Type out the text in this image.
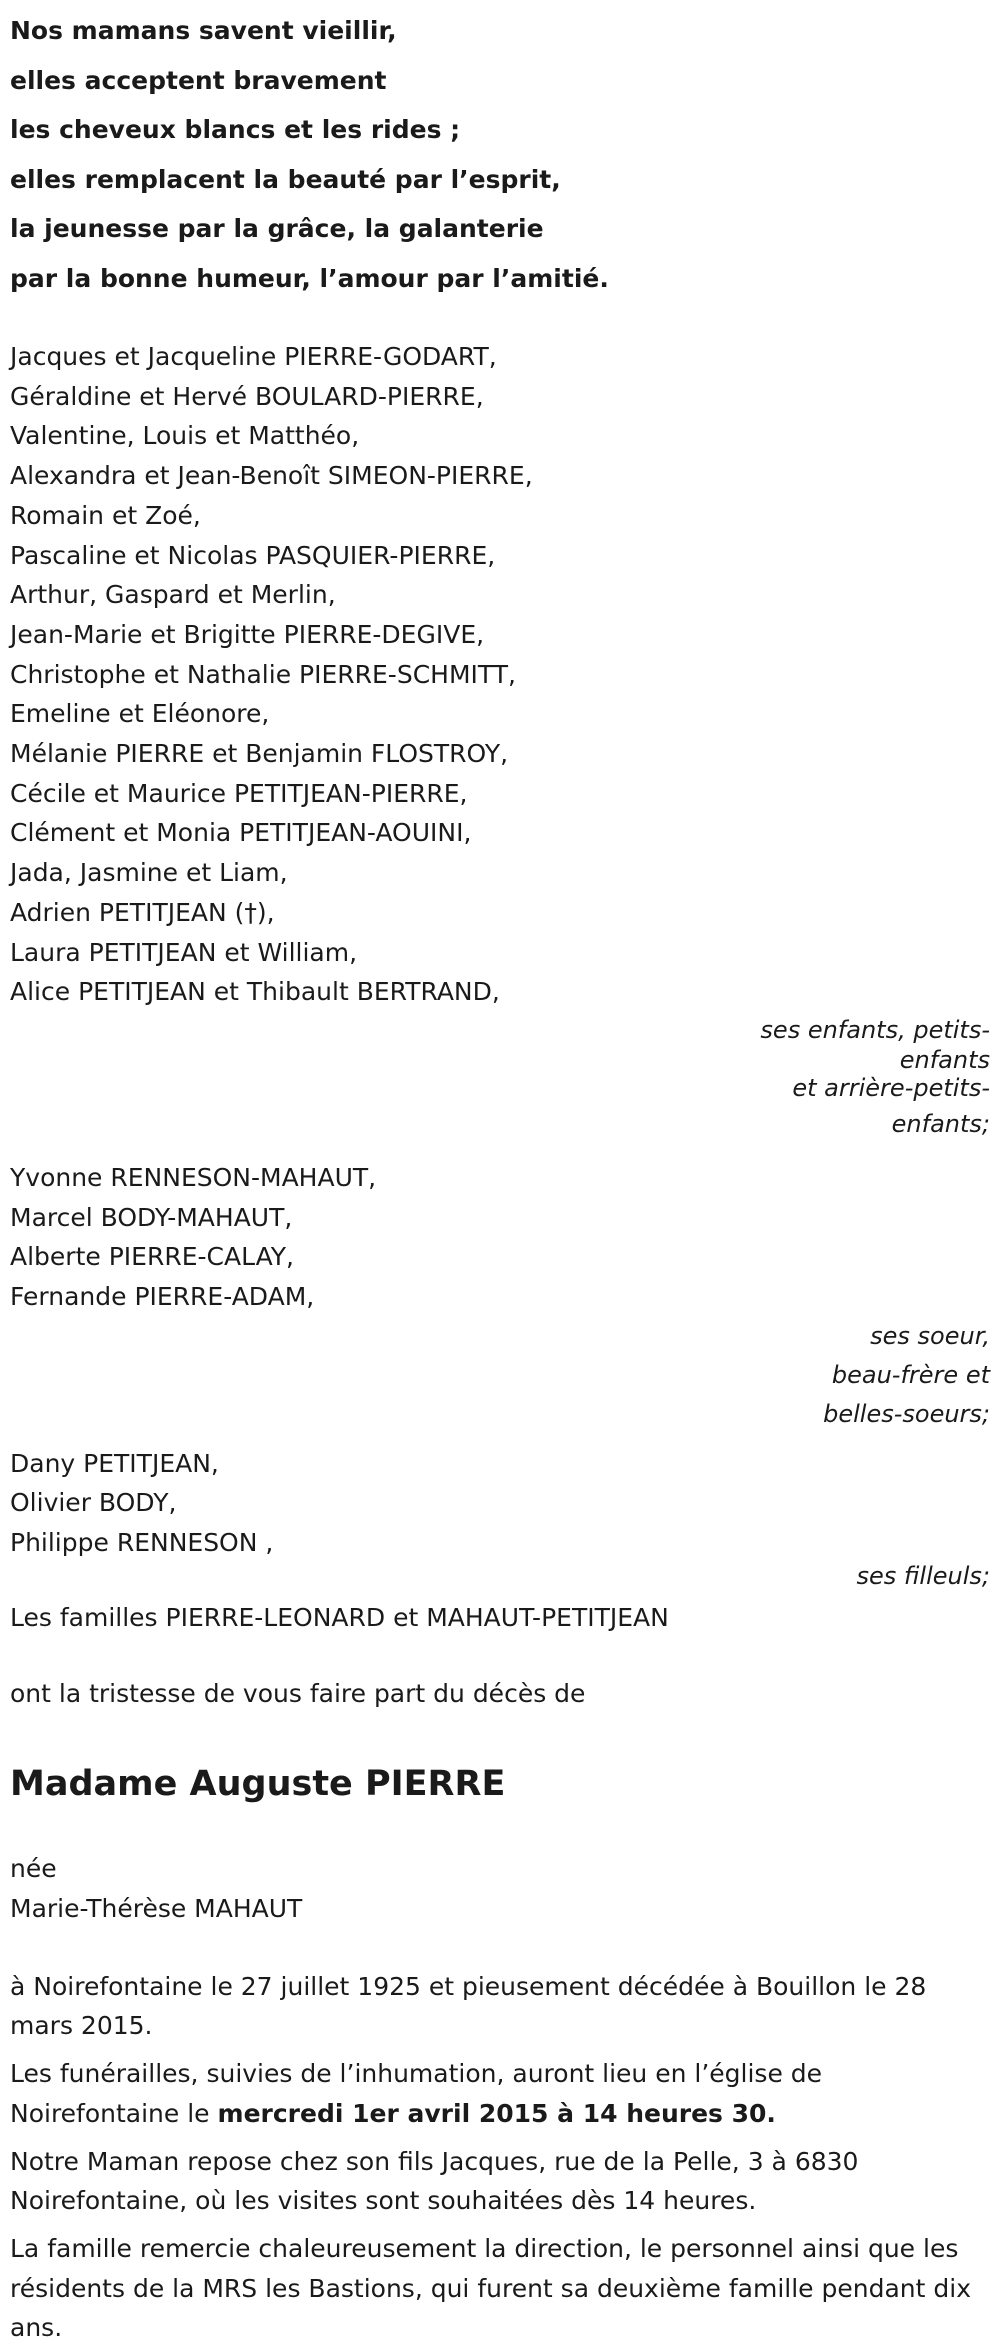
Nos mamans savent vieillir,
elles acceptent bravement
les cheveux blancs et les rides ;
elles remplacent la beauté par l’esprit,
la jeunesse par la grâce, la galanterie
par la bonne humeur, l’amour par l’amitié.
Jacques et Jacqueline PIERRE-GODART,
Géraldine et Hervé BOULARD-PIERRE,
Valentine, Louis et Matthéo,
Alexandra et Jean-Benoît SIMEON-PIERRE,
Romain et Zoé,
Pascaline et Nicolas PASQUIER-PIERRE,
Arthur, Gaspard et Merlin,
Jean-Marie et Brigitte PIERRE-DEGIVE,
Christophe et Nathalie PIERRE-SCHMITT,
Emeline et Eléonore,
Mélanie PIERRE et Benjamin FLOSTROY,
Cécile et Maurice PETITJEAN-PIERRE,
Clément et Monia PETITJEAN-AOUINI,
Jada, Jasmine et Liam,
Adrien PETITJEAN (†),
Laura PETITJEAN et William,
Alice PETITJEAN et Thibault BERTRAND,
ses enfants, petits-
enfants
et arrière-petits-
enfants;
Yvonne RENNESON-MAHAUT,
Marcel BODY-MAHAUT,
Alberte PIERRE-CALAY,
Fernande PIERRE-ADAM,
ses soeur,
beau-frère et
belles-soeurs;
Dany PETITJEAN,
Olivier BODY,
Philippe RENNESON ,
ses filleuls;
Les familles PIERRE-LEONARD et MAHAUT-PETITJEAN
ont la tristesse de vous faire part du décès de
Madame Auguste PIERRE
née
Marie-Thérèse MAHAUT
à Noirefontaine le 27 juillet 1925 et pieusement décédée à Bouillon le 28 mars 2015.
Les funérailles, suivies de l’inhumation, auront lieu en l’église de Noirefontaine le mercredi 1er avril 2015 à 14 heures 30.
Notre Maman repose chez son fils Jacques, rue de la Pelle, 3 à 6830 Noirefontaine, où les visites sont souhaitées dès 14 heures.
La famille remercie chaleureusement la direction, le personnel ainsi que les résidents de la MRS les Bastions, qui furent sa deuxième famille pendant dix ans.
